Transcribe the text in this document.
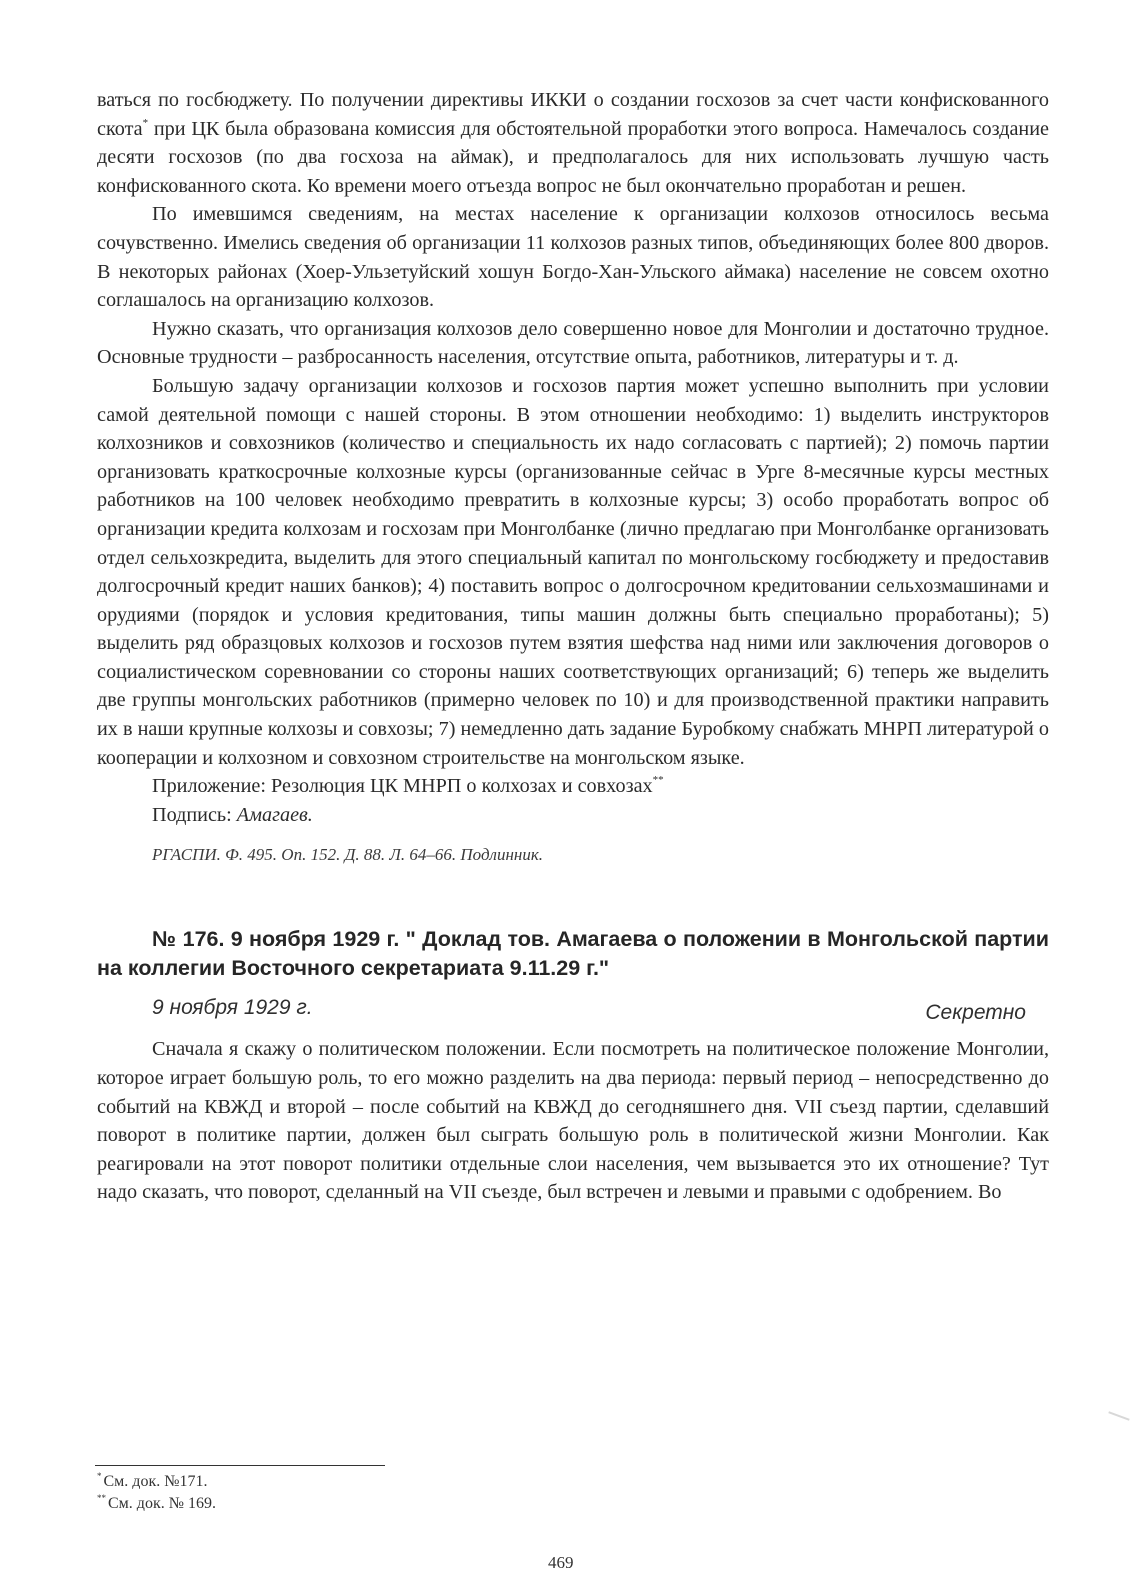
ваться по госбюджету. По получении директивы ИККИ о создании госхозов за счет части конфискованного скота* при ЦК была образована комиссия для обстоятельной проработки этого вопроса. Намечалось создание десяти госхозов (по два госхоза на аймак), и предполагалось для них использовать лучшую часть конфискованного скота. Ко времени моего отъезда вопрос не был окончательно проработан и решен.

По имевшимся сведениям, на местах население к организации колхозов относилось весьма сочувственно. Имелись сведения об организации 11 колхозов разных типов, объединяющих более 800 дворов. В некоторых районах (Хоер-Ульзетуйский хошун Богдо-Хан-Ульского аймака) население не совсем охотно соглашалось на организацию колхозов.

Нужно сказать, что организация колхозов дело совершенно новое для Монголии и достаточно трудное. Основные трудности – разбросанность населения, отсутствие опыта, работников, литературы и т. д.

Большую задачу организации колхозов и госхозов партия может успешно выполнить при условии самой деятельной помощи с нашей стороны. В этом отношении необходимо: 1) выделить инструкторов колхозников и совхозников (количество и специальность их надо согласовать с партией); 2) помочь партии организовать краткосрочные колхозные курсы (организованные сейчас в Урге 8-месячные курсы местных работников на 100 человек необходимо превратить в колхозные курсы; 3) особо проработать вопрос об организации кредита колхозам и госхозам при Монголбанке (лично предлагаю при Монголбанке организовать отдел сельхозкредита, выделить для этого специальный капитал по монгольскому госбюджету и предоставив долгосрочный кредит наших банков); 4) поставить вопрос о долгосрочном кредитовании сельхозмашинами и орудиями (порядок и условия кредитования, типы машин должны быть специально проработаны); 5) выделить ряд образцовых колхозов и госхозов путем взятия шефства над ними или заключения договоров о социалистическом соревновании со стороны наших соответствующих организаций; 6) теперь же выделить две группы монгольских работников (примерно человек по 10) и для производственной практики направить их в наши крупные колхозы и совхозы; 7) немедленно дать задание Буробкому снабжать МНРП литературой о кооперации и колхозном и совхозном строительстве на монгольском языке.

Приложение: Резолюция ЦК МНРП о колхозах и совхозах**

Подпись: Амагаев.

РГАСПИ. Ф. 495. Оп. 152. Д. 88. Л. 64–66. Подлинник.

№ 176. 9 ноября 1929 г. " Доклад тов. Амагаева о положении в Монгольской партии на коллегии Восточного секретариата 9.11.29 г."
9 ноября 1929 г.	Секретно

Сначала я скажу о политическом положении. Если посмотреть на политическое положение Монголии, которое играет большую роль, то его можно разделить на два периода: первый период – непосредственно до событий на КВЖД и второй – после событий на КВЖД до сегодняшнего дня. VII съезд партии, сделавший поворот в политике партии, должен был сыграть большую роль в политической жизни Монголии. Как реагировали на этот поворот политики отдельные слои населения, чем вызывается это их отношение? Тут надо сказать, что поворот, сделанный на VII съезде, был встречен и левыми и правыми с одобрением. Во

* См. док. №171.
** См. док. № 169.
469
